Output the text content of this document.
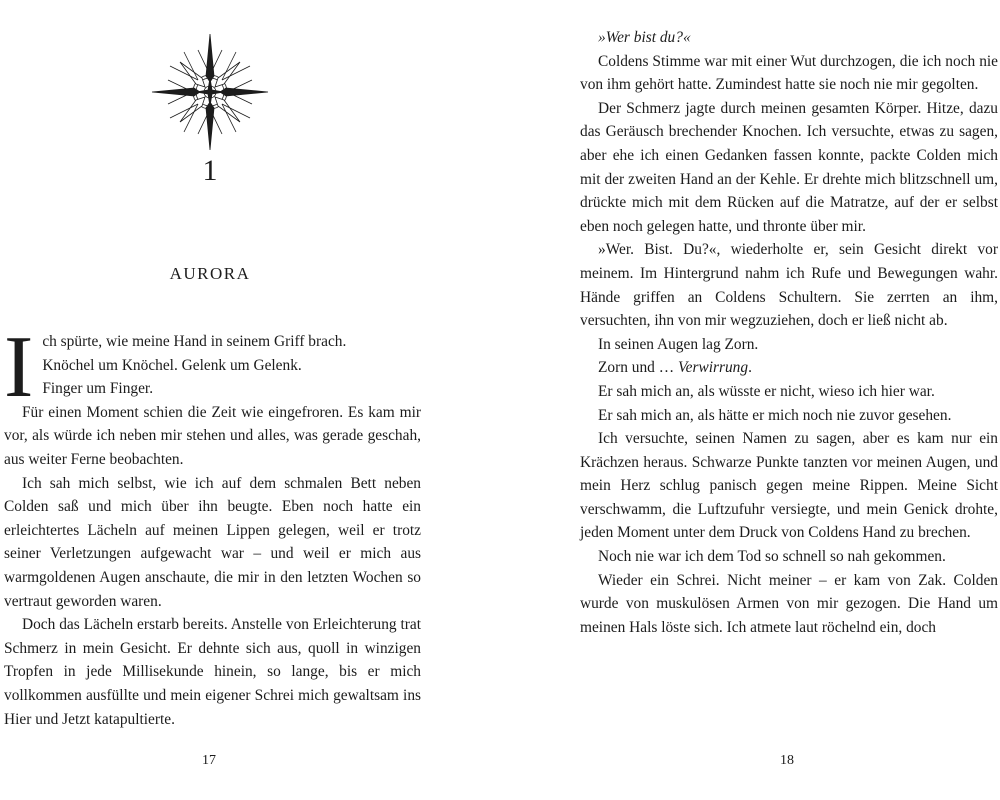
1
AURORA
I ch spürte, wie meine Hand in seinem Griff brach.

Knöchel um Knöchel. Gelenk um Gelenk.

Finger um Finger.

Für einen Moment schien die Zeit wie eingefroren. Es kam mir vor, als würde ich neben mir stehen und alles, was gerade geschah, aus weiter Ferne beobachten.

Ich sah mich selbst, wie ich auf dem schmalen Bett neben Colden saß und mich über ihn beugte. Eben noch hatte ein erleichtertes Lächeln auf meinen Lippen gelegen, weil er trotz seiner Verletzungen aufgewacht war – und weil er mich aus warmgoldenen Augen anschaute, die mir in den letzten Wochen so vertraut geworden waren.

Doch das Lächeln erstarb bereits. Anstelle von Erleichterung trat Schmerz in mein Gesicht. Er dehnte sich aus, quoll in winzigen Tropfen in jede Millisekunde hinein, so lange, bis er mich vollkommen ausfüllte und mein eigener Schrei mich gewaltsam ins Hier und Jetzt katapultierte.

17

»Wer bist du?«

Coldens Stimme war mit einer Wut durchzogen, die ich noch nie von ihm gehört hatte. Zumindest hatte sie noch nie mir gegolten.

Der Schmerz jagte durch meinen gesamten Körper. Hitze, dazu das Geräusch brechender Knochen. Ich versuchte, etwas zu sagen, aber ehe ich einen Gedanken fassen konnte, packte Colden mich mit der zweiten Hand an der Kehle. Er drehte mich blitzschnell um, drückte mich mit dem Rücken auf die Matratze, auf der er selbst eben noch gelegen hatte, und thronte über mir.

»Wer. Bist. Du?«, wiederholte er, sein Gesicht direkt vor meinem. Im Hintergrund nahm ich Rufe und Bewegungen wahr. Hände griffen an Coldens Schultern. Sie zerrten an ihm, versuchten, ihn von mir wegzuziehen, doch er ließ nicht ab.

In seinen Augen lag Zorn.

Zorn und … Verwirrung.

Er sah mich an, als wüsste er nicht, wieso ich hier war.

Er sah mich an, als hätte er mich noch nie zuvor gesehen.

Ich versuchte, seinen Namen zu sagen, aber es kam nur ein Krächzen heraus. Schwarze Punkte tanzten vor meinen Augen, und mein Herz schlug panisch gegen meine Rippen. Meine Sicht verschwamm, die Luftzufuhr versiegte, und mein Genick drohte, jeden Moment unter dem Druck von Coldens Hand zu brechen.

Noch nie war ich dem Tod so schnell so nah gekommen.

Wieder ein Schrei. Nicht meiner – er kam von Zak. Colden wurde von muskulösen Armen von mir gezogen. Die Hand um meinen Hals löste sich. Ich atmete laut röchelnd ein, doch

18
